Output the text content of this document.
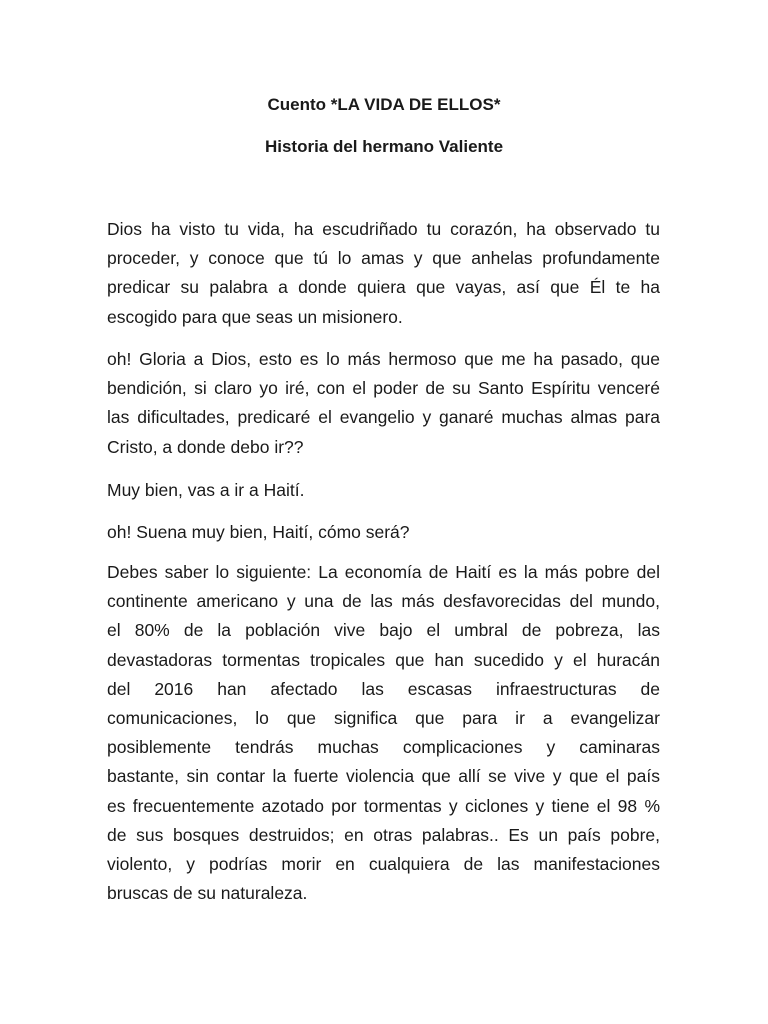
Cuento *LA VIDA DE ELLOS*
Historia del hermano Valiente
Dios ha visto tu vida, ha escudriñado tu corazón, ha observado tu
proceder, y conoce que tú lo amas y que anhelas profundamente
predicar su palabra a donde quiera que vayas, así que Él te ha
escogido para que seas un misionero.
oh! Gloria a Dios, esto es lo más hermoso que me ha pasado, que
bendición, si claro yo iré, con el poder de su Santo Espíritu venceré
las dificultades, predicaré el evangelio y ganaré muchas almas para
Cristo, a donde debo ir??
Muy bien, vas a ir a Haití.
oh! Suena muy bien, Haití, cómo será?
Debes saber lo siguiente: La economía de Haití es la más pobre del
continente americano y una de las más desfavorecidas del mundo,
el 80% de la población vive bajo el umbral de pobreza, las
devastadoras tormentas tropicales que han sucedido y el huracán
del 2016 han afectado las escasas infraestructuras de
comunicaciones, lo que significa que para ir a evangelizar
posiblemente tendrás muchas complicaciones y caminaras
bastante, sin contar la fuerte violencia que allí se vive y que el país
es frecuentemente azotado por tormentas y ciclones y tiene el 98 %
de sus bosques destruidos; en otras palabras.. Es un país pobre,
violento, y podrías morir en cualquiera de las manifestaciones
bruscas de su naturaleza.
